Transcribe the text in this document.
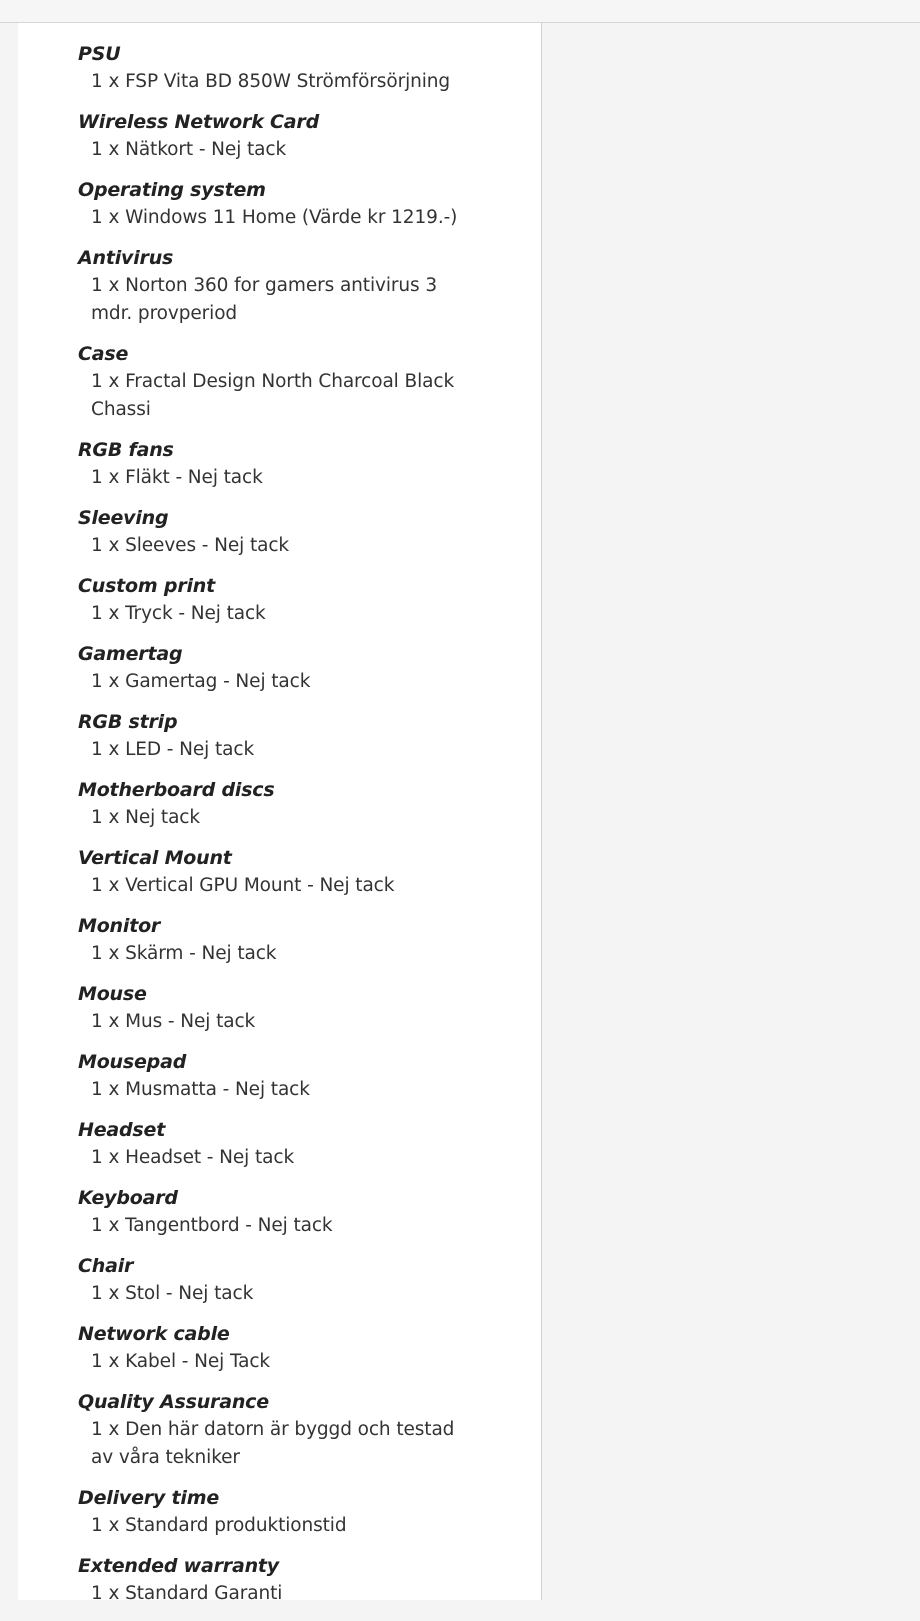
PSU
1 x FSP Vita BD 850W Strömförsörjning
Wireless Network Card
1 x Nätkort - Nej tack
Operating system
1 x Windows 11 Home (Värde kr 1219.-)
Antivirus
1 x Norton 360 for gamers antivirus 3 mdr. provperiod
Case
1 x Fractal Design North Charcoal Black Chassi
RGB fans
1 x Fläkt - Nej tack
Sleeving
1 x Sleeves - Nej tack
Custom print
1 x Tryck - Nej tack
Gamertag
1 x Gamertag - Nej tack
RGB strip
1 x LED - Nej tack
Motherboard discs
1 x Nej tack
Vertical Mount
1 x Vertical GPU Mount - Nej tack
Monitor
1 x Skärm - Nej tack
Mouse
1 x Mus - Nej tack
Mousepad
1 x Musmatta - Nej tack
Headset
1 x Headset - Nej tack
Keyboard
1 x Tangentbord - Nej tack
Chair
1 x Stol - Nej tack
Network cable
1 x Kabel - Nej Tack
Quality Assurance
1 x Den här datorn är byggd och testad av våra tekniker
Delivery time
1 x Standard produktionstid
Extended warranty
1 x Standard Garanti
